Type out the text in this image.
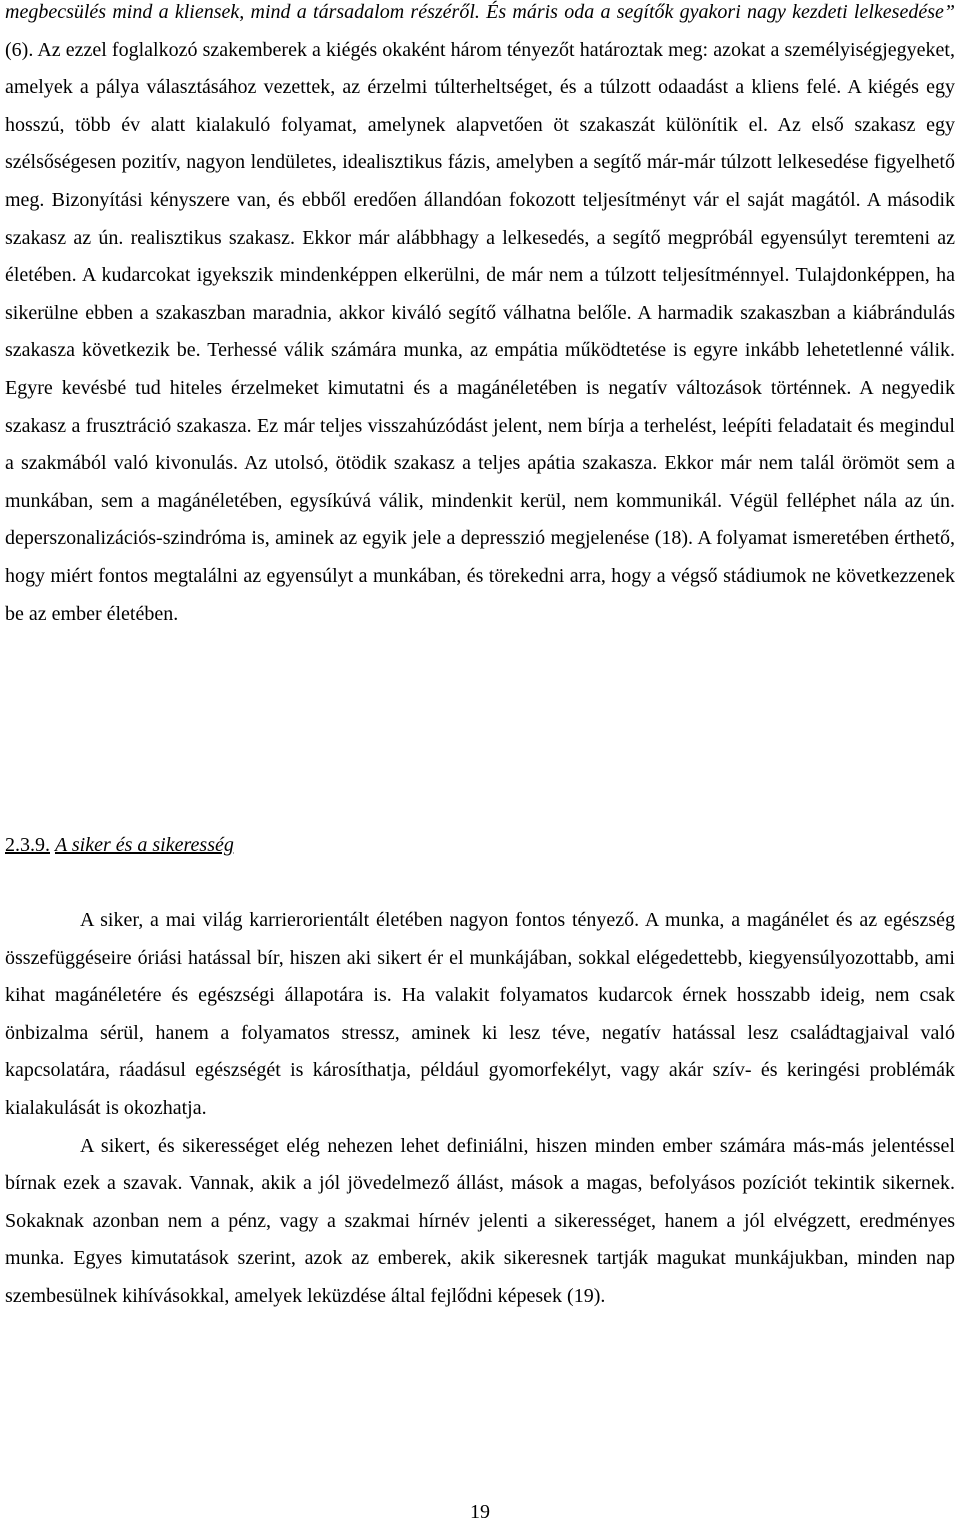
megbecsülés mind a kliensek, mind a társadalom részéről. És máris oda a segítők gyakori nagy kezdeti lelkesedése” (6). Az ezzel foglalkozó szakemberek a kiégés okaként három tényezőt határoztak meg: azokat a személyiségjegyeket, amelyek a pálya választásához vezettek, az érzelmi túlterheltséget, és a túlzott odaadást a kliens felé. A kiégés egy hosszú, több év alatt kialakuló folyamat, amelynek alapvetően öt szakaszát különítik el. Az első szakasz egy szélsőségesen pozitív, nagyon lendületes, idealisztikus fázis, amelyben a segítő már-már túlzott lelkesedése figyelhető meg. Bizonyítási kényszere van, és ebből eredően állandóan fokozott teljesítményt vár el saját magától. A második szakasz az ún. realisztikus szakasz. Ekkor már alábbhagy a lelkesedés, a segítő megpróbál egyensúlyt teremteni az életében. A kudarcokat igyekszik mindenképpen elkerülni, de már nem a túlzott teljesítménnyel. Tulajdonképpen, ha sikerülne ebben a szakaszban maradnia, akkor kiváló segítő válhatna belőle. A harmadik szakaszban a kiábrándulás szakasza következik be. Terhessé válik számára munka, az empátia működtetése is egyre inkább lehetetlenné válik. Egyre kevésbé tud hiteles érzelmeket kimutatni és a magánéletében is negatív változások történnek. A negyedik szakasz a frusztráció szakasza. Ez már teljes visszahúzódást jelent, nem bírja a terhelést, leépíti feladatait és megindul a szakmából való kivonulás. Az utolsó, ötödik szakasz a teljes apátia szakasza. Ekkor már nem talál örömöt sem a munkában, sem a magánéletében, egysíkúvá válik, mindenkit kerül, nem kommunikál. Végül felléphet nála az ún. deperszonalizációs-szindróma is, aminek az egyik jele a depresszió megjelenése (18). A folyamat ismeretében érthető, hogy miért fontos megtalálni az egyensúlyt a munkában, és törekedni arra, hogy a végső stádiumok ne következzenek be az ember életében.

2.3.9. A siker és a sikeresség

A siker, a mai világ karrierorientált életében nagyon fontos tényező. A munka, a magánélet és az egészség összefüggéseire óriási hatással bír, hiszen aki sikert ér el munkájában, sokkal elégedettebb, kiegyensúlyozottabb, ami kihat magánéletére és egészségi állapotára is. Ha valakit folyamatos kudarcok érnek hosszabb ideig, nem csak önbizalma sérül, hanem a folyamatos stressz, aminek ki lesz téve, negatív hatással lesz családtagjaival való kapcsolatára, ráadásul egészségét is károsíthatja, például gyomorfekélyt, vagy akár szív- és keringési problémák kialakulását is okozhatja.

A sikert, és sikerességet elég nehezen lehet definiálni, hiszen minden ember számára más-más jelentéssel bírnak ezek a szavak. Vannak, akik a jól jövedelmező állást, mások a magas, befolyásos pozíciót tekintik sikernek. Sokaknak azonban nem a pénz, vagy a szakmai hírnév jelenti a sikerességet, hanem a jól elvégzett, eredményes munka. Egyes kimutatások szerint, azok az emberek, akik sikeresnek tartják magukat munkájukban, minden nap szembesülnek kihívásokkal, amelyek leküzdése által fejlődni képesek (19).

19
